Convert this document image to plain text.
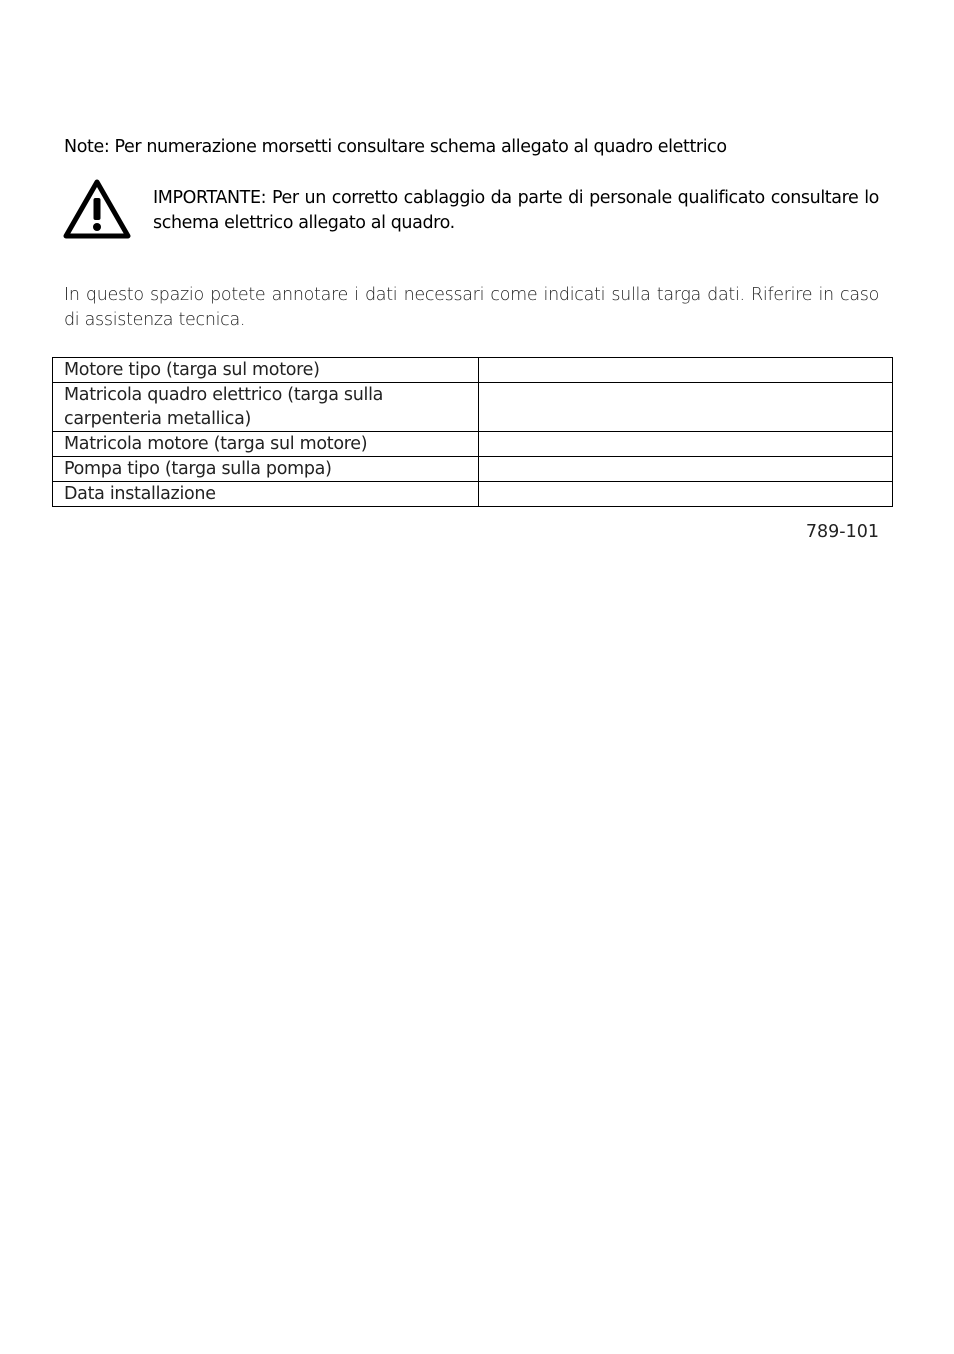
Note: Per numerazione morsetti consultare schema allegato al quadro elettrico
IMPORTANTE: Per un corretto cablaggio da parte di personale qualificato consultare lo schema elettrico allegato al quadro.
In questo spazio potete annotare i dati necessari come indicati sulla targa dati. Riferire in caso di assistenza tecnica.
Motore tipo (targa sul motore)	
Matricola quadro elettrico (targa sulla carpenteria metallica)	
Matricola motore (targa sul motore)	
Pompa tipo (targa sulla pompa)	
Data installazione	
789-101
